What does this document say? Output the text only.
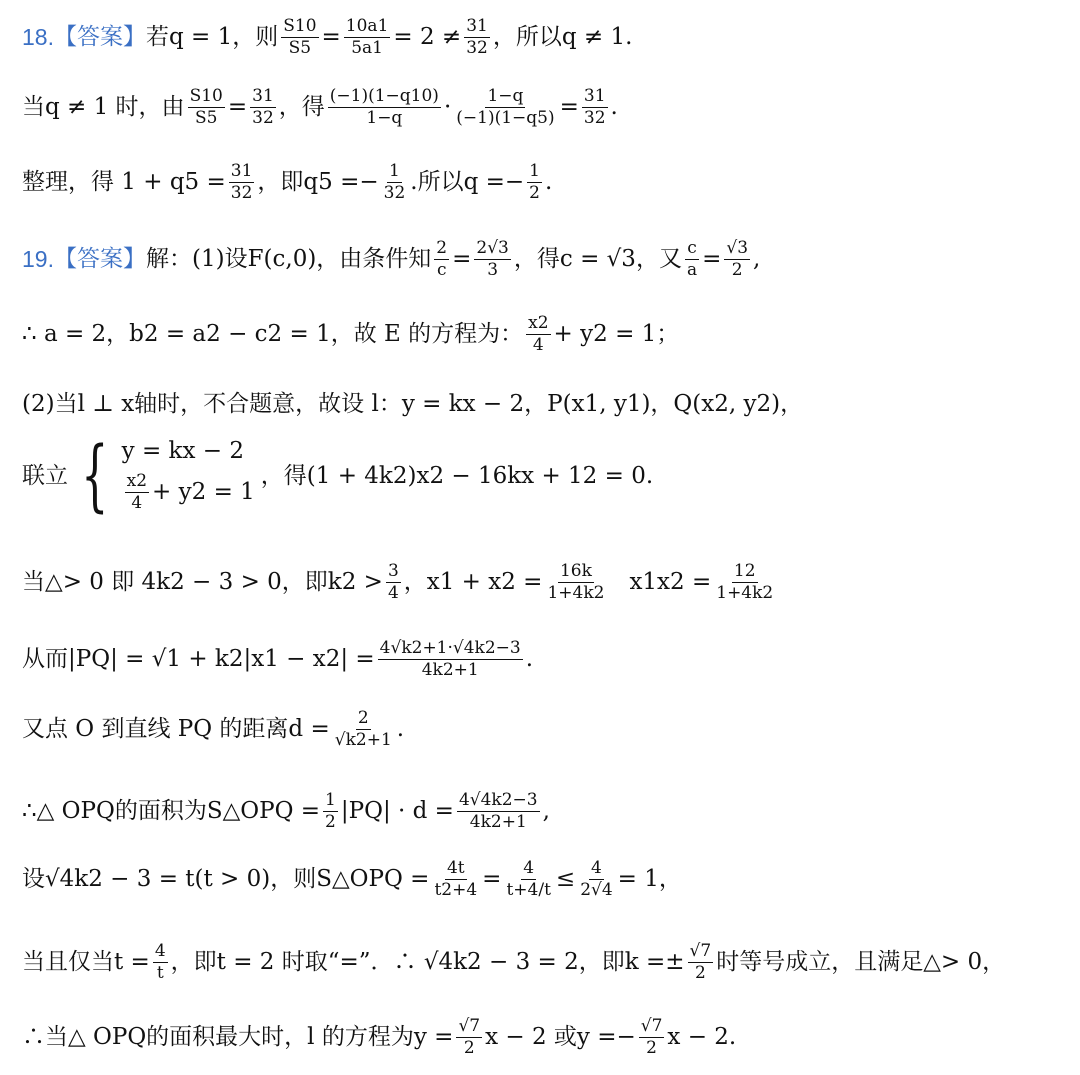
18. 【答案】 若q = 1，则 $\frac{S10}{S5} = \frac{10a1}{5a1} = 2 \ne \frac{31}{32}$ ，所以q ≠ 1.
当q ≠ 1 时，由 $\frac{S10}{S5} = \frac{31}{32}$ ，得 $\frac{(-1)(1-q10)}{1-q} \cdot \frac{1-q}{(-1)(1-q5)} = \frac{31}{32}$ .
整理，得 $1 + q5 = \frac{31}{32}$ ，即$q5 =- \frac{1}{32}$ .所以$q =- \frac{1}{2}$ .
19. 【答案】 解：(1)设F(c,0)，由条件知 $\frac{2}{c} = \frac{2√3}{3}$ ，得c = √3，又 $\frac{c}{a} = \frac{√3}{2}$ ,
∴ a = 2，b2 = a2 − c2 = 1，故 E 的方程为： $\frac{x2}{4} + y2 = 1$；
(2)当l ⊥ x轴时，不合题意，故设 l：y = kx − 2，P(x1, y1)，Q(x2, y2)，
联立 { y = kx − 2
$\frac{x2}{4} + y2 = 1$
，得(1 + 4k2)x2 − 16kx + 12 = 0.
当△> 0 即 4k2 − 3 > 0，即$k2 > \frac{3}{4}$ ，$x1 + x2 = \frac{16k}{1+4k2} x1x2 = \frac{12}{1+4k2}$
从而$|PQ| = √1 + k2|x1 - x2| = \frac{4√k2+1\cdot√4k2-3}{4k2+1}$ .
又点 O 到直线 PQ 的距离$d = \frac{2}{√k2+1}$ .
∴△ OPQ的面积为S△OPQ = $\frac{1}{2} |PQ| \cdot d = \frac{4√4k2-3}{4k2+1}$ ,
设√4k2 − 3 = t(t > 0)，则S△OPQ = $\frac{4t}{t2+4} = \frac{4}{t+4/t} \le \frac{4}{2√4} = 1$，
当且仅当$t = \frac{4}{t}$ ，即t = 2 时取“=”．∴ √4k2 − 3 = 2，即$k =\pm \frac{√7}{2}$ 时等号成立，且满足△> 0，
∴当△ OPQ的面积最大时，l 的方程为$y = \frac{√7}{2}$ x − 2 或$y =- \frac{√7}{2}$ x − 2.
